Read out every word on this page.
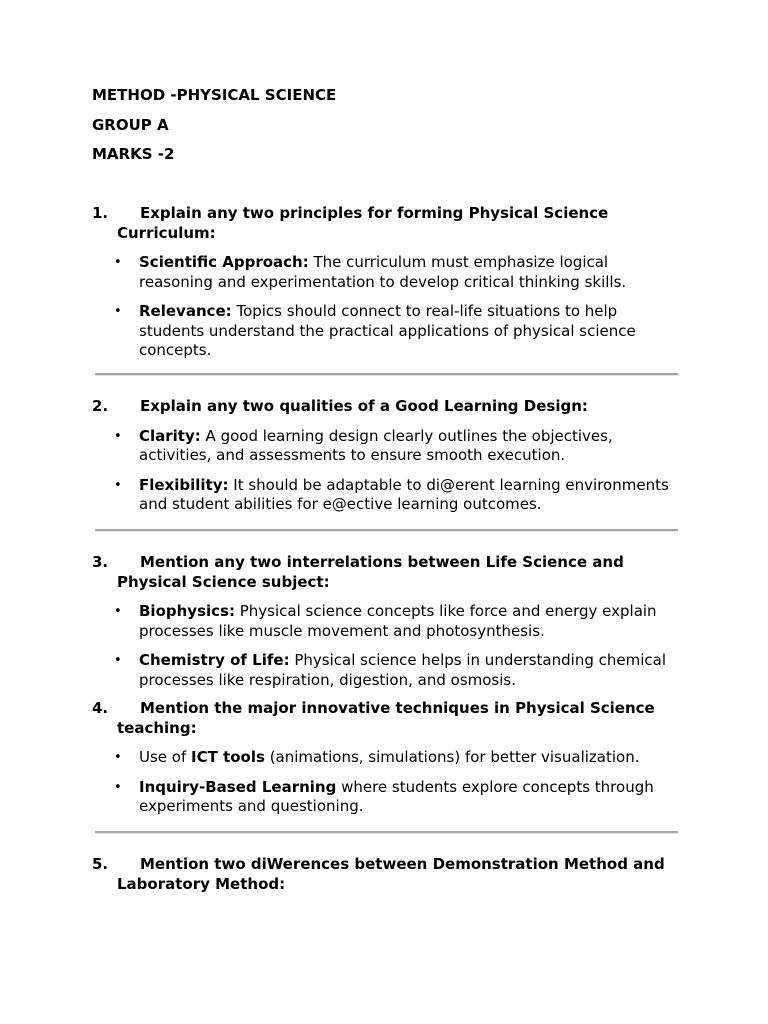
METHOD -PHYSICAL SCIENCE
GROUP A
MARKS -2
1. Explain any two principles for forming Physical Science Curriculum:
• Scientific Approach: The curriculum must emphasize logical reasoning and experimentation to develop critical thinking skills.
• Relevance: Topics should connect to real-life situations to help students understand the practical applications of physical science concepts.
2. Explain any two qualities of a Good Learning Design:
• Clarity: A good learning design clearly outlines the objectives, activities, and assessments to ensure smooth execution.
• Flexibility: It should be adaptable to di@erent learning environments and student abilities for e@ective learning outcomes.
3. Mention any two interrelations between Life Science and Physical Science subject:
• Biophysics: Physical science concepts like force and energy explain processes like muscle movement and photosynthesis.
• Chemistry of Life: Physical science helps in understanding chemical processes like respiration, digestion, and osmosis.
4. Mention the major innovative techniques in Physical Science teaching:
• Use of ICT tools (animations, simulations) for better visualization.
• Inquiry-Based Learning where students explore concepts through experiments and questioning.
5. Mention two diWerences between Demonstration Method and Laboratory Method:
